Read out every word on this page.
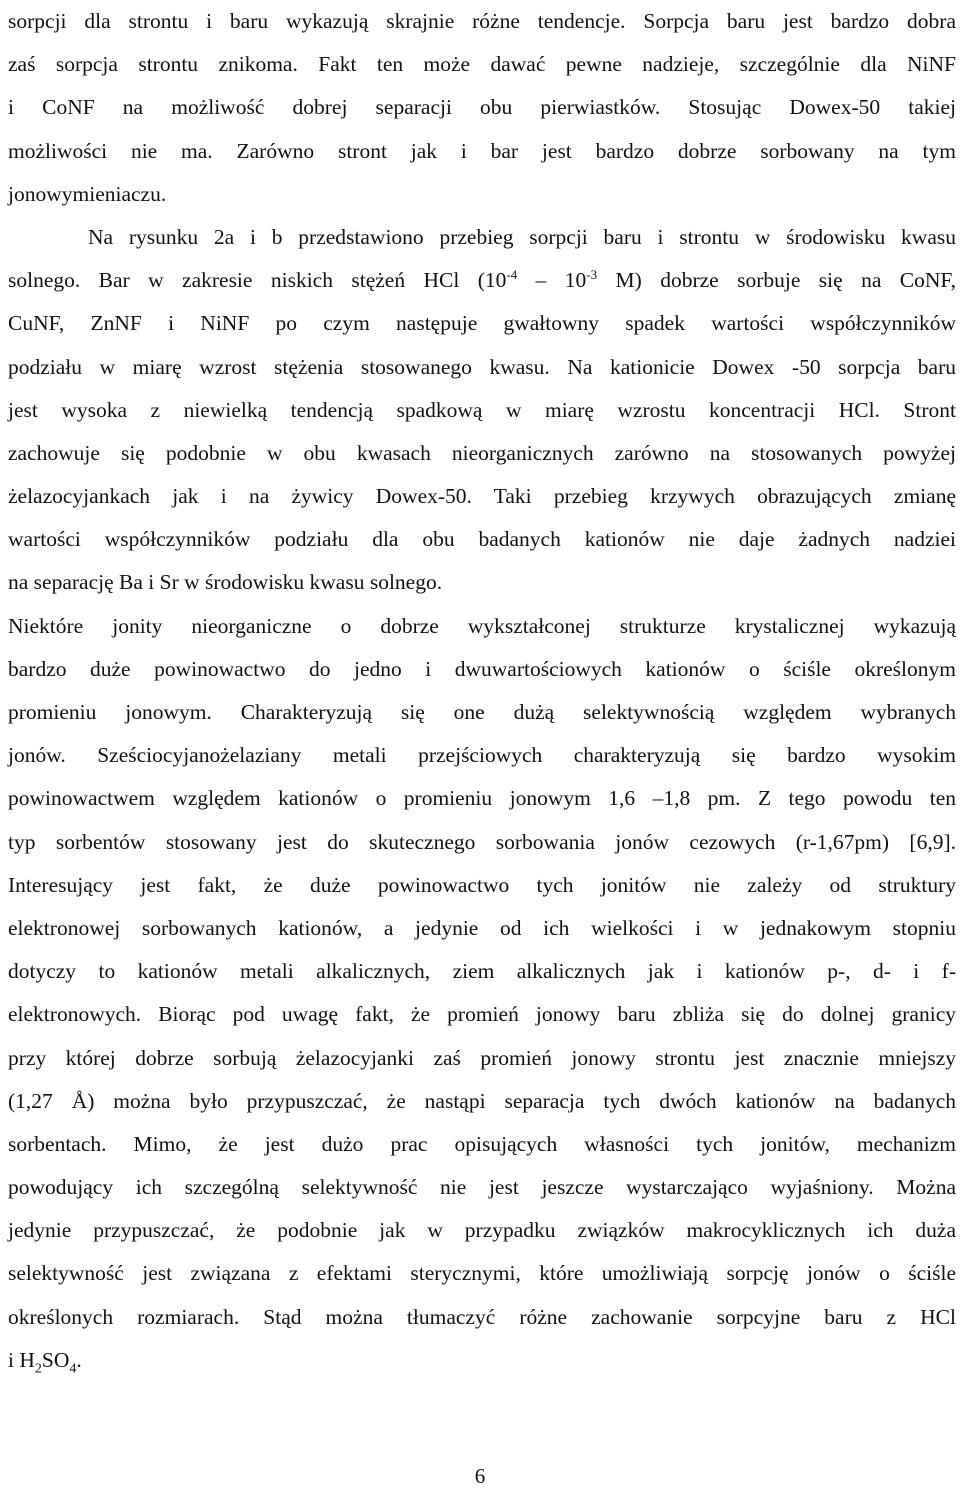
sorpcji dla strontu i baru wykazują skrajnie różne tendencje. Sorpcja baru jest bardzo dobra
zaś sorpcja strontu znikoma. Fakt ten może dawać pewne nadzieje, szczególnie dla NiNF
i CoNF na możliwość dobrej separacji obu pierwiastków. Stosując Dowex-50 takiej
możliwości nie ma. Zarówno stront jak i bar jest bardzo dobrze sorbowany na tym
jonowymieniaczu.
Na rysunku 2a i b przedstawiono przebieg sorpcji baru i strontu w środowisku kwasu
solnego. Bar w zakresie niskich stężeń HCl ($10^{-4} - 10^{-3}$ M) dobrze sorbuje się na CoNF,
CuNF, ZnNF i NiNF po czym następuje gwałtowny spadek wartości współczynników
podziału w miarę wzrost stężenia stosowanego kwasu. Na kationicie Dowex -50 sorpcja baru
jest wysoka z niewielką tendencją spadkową w miarę wzrostu koncentracji HCl. Stront
zachowuje się podobnie w obu kwasach nieorganicznych zarówno na stosowanych powyżej
żelazocyjankach jak i na żywicy Dowex-50. Taki przebieg krzywych obrazujących zmianę
wartości współczynników podziału dla obu badanych kationów nie daje żadnych nadziei
na separację Ba i Sr w środowisku kwasu solnego.
Niektóre jonity nieorganiczne o dobrze wykształconej strukturze krystalicznej wykazują
bardzo duże powinowactwo do jedno i dwuwartościowych kationów o ściśle określonym
promieniu jonowym. Charakteryzują się one dużą selektywnością względem wybranych
jonów. Sześciocyjanożelaziany metali przejściowych charakteryzują się bardzo wysokim
powinowactwem względem kationów o promieniu jonowym 1,6 –1,8 pm. Z tego powodu ten
typ sorbentów stosowany jest do skutecznego sorbowania jonów cezowych (r-1,67pm) [6,9].
Interesujący jest fakt, że duże powinowactwo tych jonitów nie zależy od struktury
elektronowej sorbowanych kationów, a jedynie od ich wielkości i w jednakowym stopniu
dotyczy to kationów metali alkalicznych, ziem alkalicznych jak i kationów p-, d- i f-
elektronowych. Biorąc pod uwagę fakt, że promień jonowy baru zbliża się do dolnej granicy
przy której dobrze sorbują żelazocyjanki zaś promień jonowy strontu jest znacznie mniejszy
(1,27 Å) można było przypuszczać, że nastąpi separacja tych dwóch kationów na badanych
sorbentach. Mimo, że jest dużo prac opisujących własności tych jonitów, mechanizm
powodujący ich szczególną selektywność nie jest jeszcze wystarczająco wyjaśniony. Można
jedynie przypuszczać, że podobnie jak w przypadku związków makrocyklicznych ich duża
selektywność jest związana z efektami sterycznymi, które umożliwiają sorpcję jonów o ściśle
określonych rozmiarach. Stąd można tłumaczyć różne zachowanie sorpcyjne baru z HCl
i $H_2SO_4$.
6
